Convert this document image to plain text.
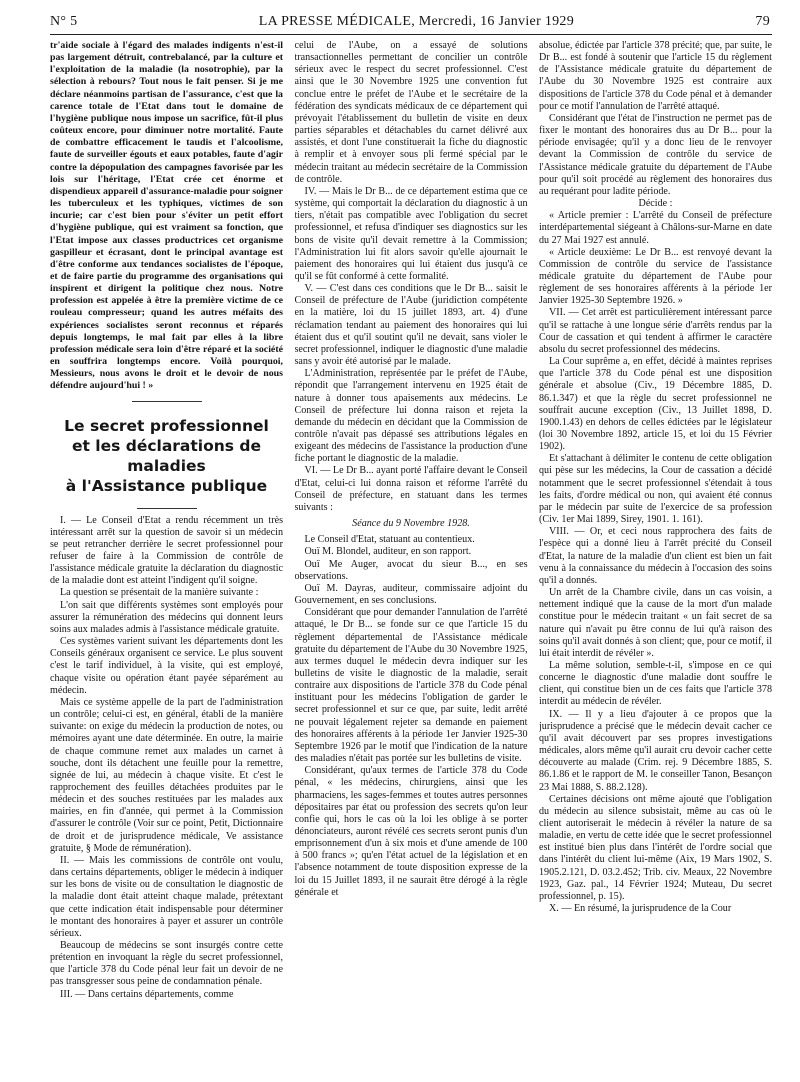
N° 5	LA PRESSE MÉDICALE, Mercredi, 16 Janvier 1929	79

tr'aide sociale à l'égard des malades indigents n'est-il pas largement détruit, contrebalancé, par la culture et l'exploitation de la maladie (la nosotrophie), par la sélection à rebours? Tout nous le fait penser. Si je me déclare néanmoins partisan de l'assurance, c'est que la carence totale de l'Etat dans tout le domaine de l'hygiène publique nous impose un sacrifice, fût-il plus coûteux encore, pour diminuer notre mortalité. Faute de combattre efficacement le taudis et l'alcoolisme, faute de surveiller égouts et eaux potables, faute d'agir contre la dépopulation des campagnes favorisée par les lois sur l'héritage, l'Etat crée cet énorme et dispendieux appareil d'assurance-maladie pour soigner les tuberculeux et les typhiques, victimes de son incurie; car c'est bien pour s'éviter un petit effort d'hygiène publique, qui est vraiment sa fonction, que l'Etat impose aux classes productrices cet organisme gaspilleur et écrasant, dont le principal avantage est d'être conforme aux tendances socialistes de l'époque, et de faire partie du programme des organisations qui inspirent et dirigent la politique chez nous. Notre profession est appelée à être la première victime de ce rouleau compresseur; quand les autres méfaits des expériences socialistes seront reconnus et réparés depuis longtemps, le mal fait par elles à la libre profession médicale sera loin d'être réparé et la société en souffrira longtemps encore. Voilà pourquoi, Messieurs, nous avons le droit et le devoir de nous défendre aujourd'hui ! »

Le secret professionnel
et les déclarations de maladies
à l'Assistance publique

I. — Le Conseil d'Etat a rendu récemment un très intéressant arrêt sur la question de savoir si un médecin se peut retrancher derrière le secret professionnel pour refuser de faire à la Commission de contrôle de l'assistance médicale gratuite la déclaration du diagnostic de la maladie dont est atteint l'indigent qu'il soigne.

La question se présentait de la manière suivante :

L'on sait que différents systèmes sont employés pour assurer la rémunération des médecins qui donnent leurs soins aux malades admis à l'assistance médicale gratuite.

Ces systèmes varient suivant les départements dont les Conseils généraux organisent ce service. Le plus souvent c'est le tarif individuel, à la visite, qui est employé, chaque visite ou opération étant payée séparément au médecin.

Mais ce système appelle de la part de l'administration un contrôle; celui-ci est, en général, établi de la manière suivante: on exige du médecin la production de notes, ou mémoires ayant une date déterminée. En outre, la mairie de chaque commune remet aux malades un carnet à souche, dont ils détachent une feuille pour la remettre, signée de lui, au médecin à chaque visite. Et c'est le rapprochement des feuilles détachées produites par le médecin et des souches restituées par les malades aux mairies, en fin d'année, qui permet à la Commission d'assurer le contrôle (Voir sur ce point, Petit, Dictionnaire de droit et de jurisprudence médicale, Ve assistance gratuite, § Mode de rémunération).

II. — Mais les commissions de contrôle ont voulu, dans certains départements, obliger le médecin à indiquer sur les bons de visite ou de consultation le diagnostic de la maladie dont était atteint chaque malade, prétextant que cette indication était indispensable pour déterminer le montant des honoraires à payer et assurer un contrôle sérieux.

Beaucoup de médecins se sont insurgés contre cette prétention en invoquant la règle du secret professionnel, que l'article 378 du Code pénal leur fait un devoir de ne pas transgresser sous peine de condamnation pénale.

III. — Dans certains départements, comme

celui de l'Aube, on a essayé de solutions transactionnelles permettant de concilier un contrôle sérieux avec le respect du secret professionnel. C'est ainsi que le 30 Novembre 1925 une convention fut conclue entre le préfet de l'Aube et le secrétaire de la fédération des syndicats médicaux de ce département qui prévoyait l'établissement du bulletin de visite en deux parties séparables et détachables du carnet délivré aux assistés, et dont l'une constituerait la fiche du diagnostic à remplir et à envoyer sous pli fermé spécial par le médecin traitant au médecin secrétaire de la Commission de contrôle.

IV. — Mais le Dr B... de ce département estima que ce système, qui comportait la déclaration du diagnostic à un tiers, n'était pas compatible avec l'obligation du secret professionnel, et refusa d'indiquer ses diagnostics sur les bons de visite qu'il devait remettre à la Commission; l'Administration lui fit alors savoir qu'elle ajournait le paiement des honoraires qui lui étaient dus jusqu'à ce qu'il se fût conformé à cette formalité.

V. — C'est dans ces conditions que le Dr B... saisit le Conseil de préfecture de l'Aube (juridiction compétente en la matière, loi du 15 juillet 1893, art. 4) d'une réclamation tendant au paiement des honoraires qui lui étaient dus et qu'il soutint qu'il ne devait, sans violer le secret professionnel, indiquer le diagnostic d'une maladie sans y avoir été autorisé par le malade.

L'Administration, représentée par le préfet de l'Aube, répondit que l'arrangement intervenu en 1925 était de nature à donner tous apaisements aux médecins. Le Conseil de préfecture lui donna raison et rejeta la demande du médecin en décidant que la Commission de contrôle n'avait pas dépassé ses attributions légales en exigeant des médecins de l'assistance la production d'une fiche portant le diagnostic de la maladie.

VI. — Le Dr B... ayant porté l'affaire devant le Conseil d'Etat, celui-ci lui donna raison et réforme l'arrêté du Conseil de préfecture, en statuant dans les termes suivants :

Séance du 9 Novembre 1928.

Le Conseil d'Etat, statuant au contentieux.

Ouï M. Blondel, auditeur, en son rapport.

Ouï Me Auger, avocat du sieur B..., en ses observations.

Ouï M. Dayras, auditeur, commissaire adjoint du Gouvernement, en ses conclusions.

Considérant que pour demander l'annulation de l'arrêté attaqué, le Dr B... se fonde sur ce que l'article 15 du règlement départemental de l'Assistance médicale gratuite du département de l'Aube du 30 Novembre 1925, aux termes duquel le médecin devra indiquer sur les bulletins de visite le diagnostic de la maladie, serait contraire aux dispositions de l'article 378 du Code pénal instituant pour les médecins l'obligation de garder le secret professionnel et sur ce que, par suite, ledit arrêté ne pouvait légalement rejeter sa demande en paiement des honoraires afférents à la période 1er Janvier 1925-30 Septembre 1926 par le motif que l'indication de la nature des maladies n'était pas portée sur les bulletins de visite.

Considérant, qu'aux termes de l'article 378 du Code pénal, « les médecins, chirurgiens, ainsi que les pharmaciens, les sages-femmes et toutes autres personnes dépositaires par état ou profession des secrets qu'on leur confie qui, hors le cas où la loi les oblige à se porter dénonciateurs, auront révélé ces secrets seront punis d'un emprisonnement d'un à six mois et d'une amende de 100 à 500 francs »; qu'en l'état actuel de la législation et en l'absence notamment de toute disposition expresse de la loi du 15 Juillet 1893, il ne saurait être dérogé à la règle générale et

absolue, édictée par l'article 378 précité; que, par suite, le Dr B... est fondé à soutenir que l'article 15 du règlement de l'Assistance médicale gratuite du département de l'Aube du 30 Novembre 1925 est contraire aux dispositions de l'article 378 du Code pénal et à demander pour ce motif l'annulation de l'arrêté attaqué.

Considérant que l'état de l'instruction ne permet pas de fixer le montant des honoraires dus au Dr B... pour la période envisagée; qu'il y a donc lieu de le renvoyer devant la Commission de contrôle du service de l'Assistance médicale gratuite du département de l'Aube pour qu'il soit procédé au règlement des honoraires dus au requérant pour ladite période.

Décide :

« Article premier : L'arrêté du Conseil de préfecture interdépartemental siégeant à Châlons-sur-Marne en date du 27 Mai 1927 est annulé.

« Article deuxième: Le Dr B... est renvoyé devant la Commission de contrôle du service de l'assistance médicale gratuite du département de l'Aube pour règlement de ses honoraires afférents à la période 1er Janvier 1925-30 Septembre 1926. »

VII. — Cet arrêt est particulièrement intéressant parce qu'il se rattache à une longue série d'arrêts rendus par la Cour de cassation et qui tendent à affirmer le caractère absolu du secret professionnel des médecins.

La Cour suprême a, en effet, décidé à maintes reprises que l'article 378 du Code pénal est une disposition générale et absolue (Civ., 19 Décembre 1885, D. 86.1.347) et que la règle du secret professionnel ne souffrait aucune exception (Civ., 13 Juillet 1898, D. 1900.1.43) en dehors de celles édictées par le législateur (loi 30 Novembre 1892, article 15, et loi du 15 Février 1902).

Et s'attachant à délimiter le contenu de cette obligation qui pèse sur les médecins, la Cour de cassation a décidé notamment que le secret professionnel s'étendait à tous les faits, d'ordre médical ou non, qui avaient été connus par le médecin par suite de l'exercice de sa profession (Civ. 1er Mai 1899, Sirey, 1901. 1. 161).

VIII. — Or, et ceci nous rapprochera des faits de l'espèce qui a donné lieu à l'arrêt précité du Conseil d'Etat, la nature de la maladie d'un client est bien un fait venu à la connaissance du médecin à l'occasion des soins qu'il a donnés.

Un arrêt de la Chambre civile, dans un cas voisin, a nettement indiqué que la cause de la mort d'un malade constitue pour le médecin traitant « un fait secret de sa nature qui n'avait pu être connu de lui qu'à raison des soins qu'il avait donnés à son client; que, pour ce motif, il lui était interdit de révéler ».

La même solution, semble-t-il, s'impose en ce qui concerne le diagnostic d'une maladie dont souffre le client, qui constitue bien un de ces faits que l'article 378 interdit au médecin de révéler.

IX. — Il y a lieu d'ajouter à ce propos que la jurisprudence a précisé que le médecin devait cacher ce qu'il avait découvert par ses propres investigations médicales, alors même qu'il aurait cru devoir cacher cette découverte au malade (Crim. rej. 9 Décembre 1885, S. 86.1.86 et le rapport de M. le conseiller Tanon, Besançon 23 Mai 1888, S. 88.2.128).

Certaines décisions ont même ajouté que l'obligation du médecin au silence subsistait, même au cas où le client autoriserait le médecin à révéler la nature de sa maladie, en vertu de cette idée que le secret professionnel est institué bien plus dans l'intérêt de l'ordre social que dans l'intérêt du client lui-même (Aix, 19 Mars 1902, S. 1905.2.121, D. 03.2.452; Trib. civ. Meaux, 22 Novembre 1923, Gaz. pal., 14 Février 1924; Muteau, Du secret professionnel, p. 15).

X. — En résumé, la jurisprudence de la Cour
